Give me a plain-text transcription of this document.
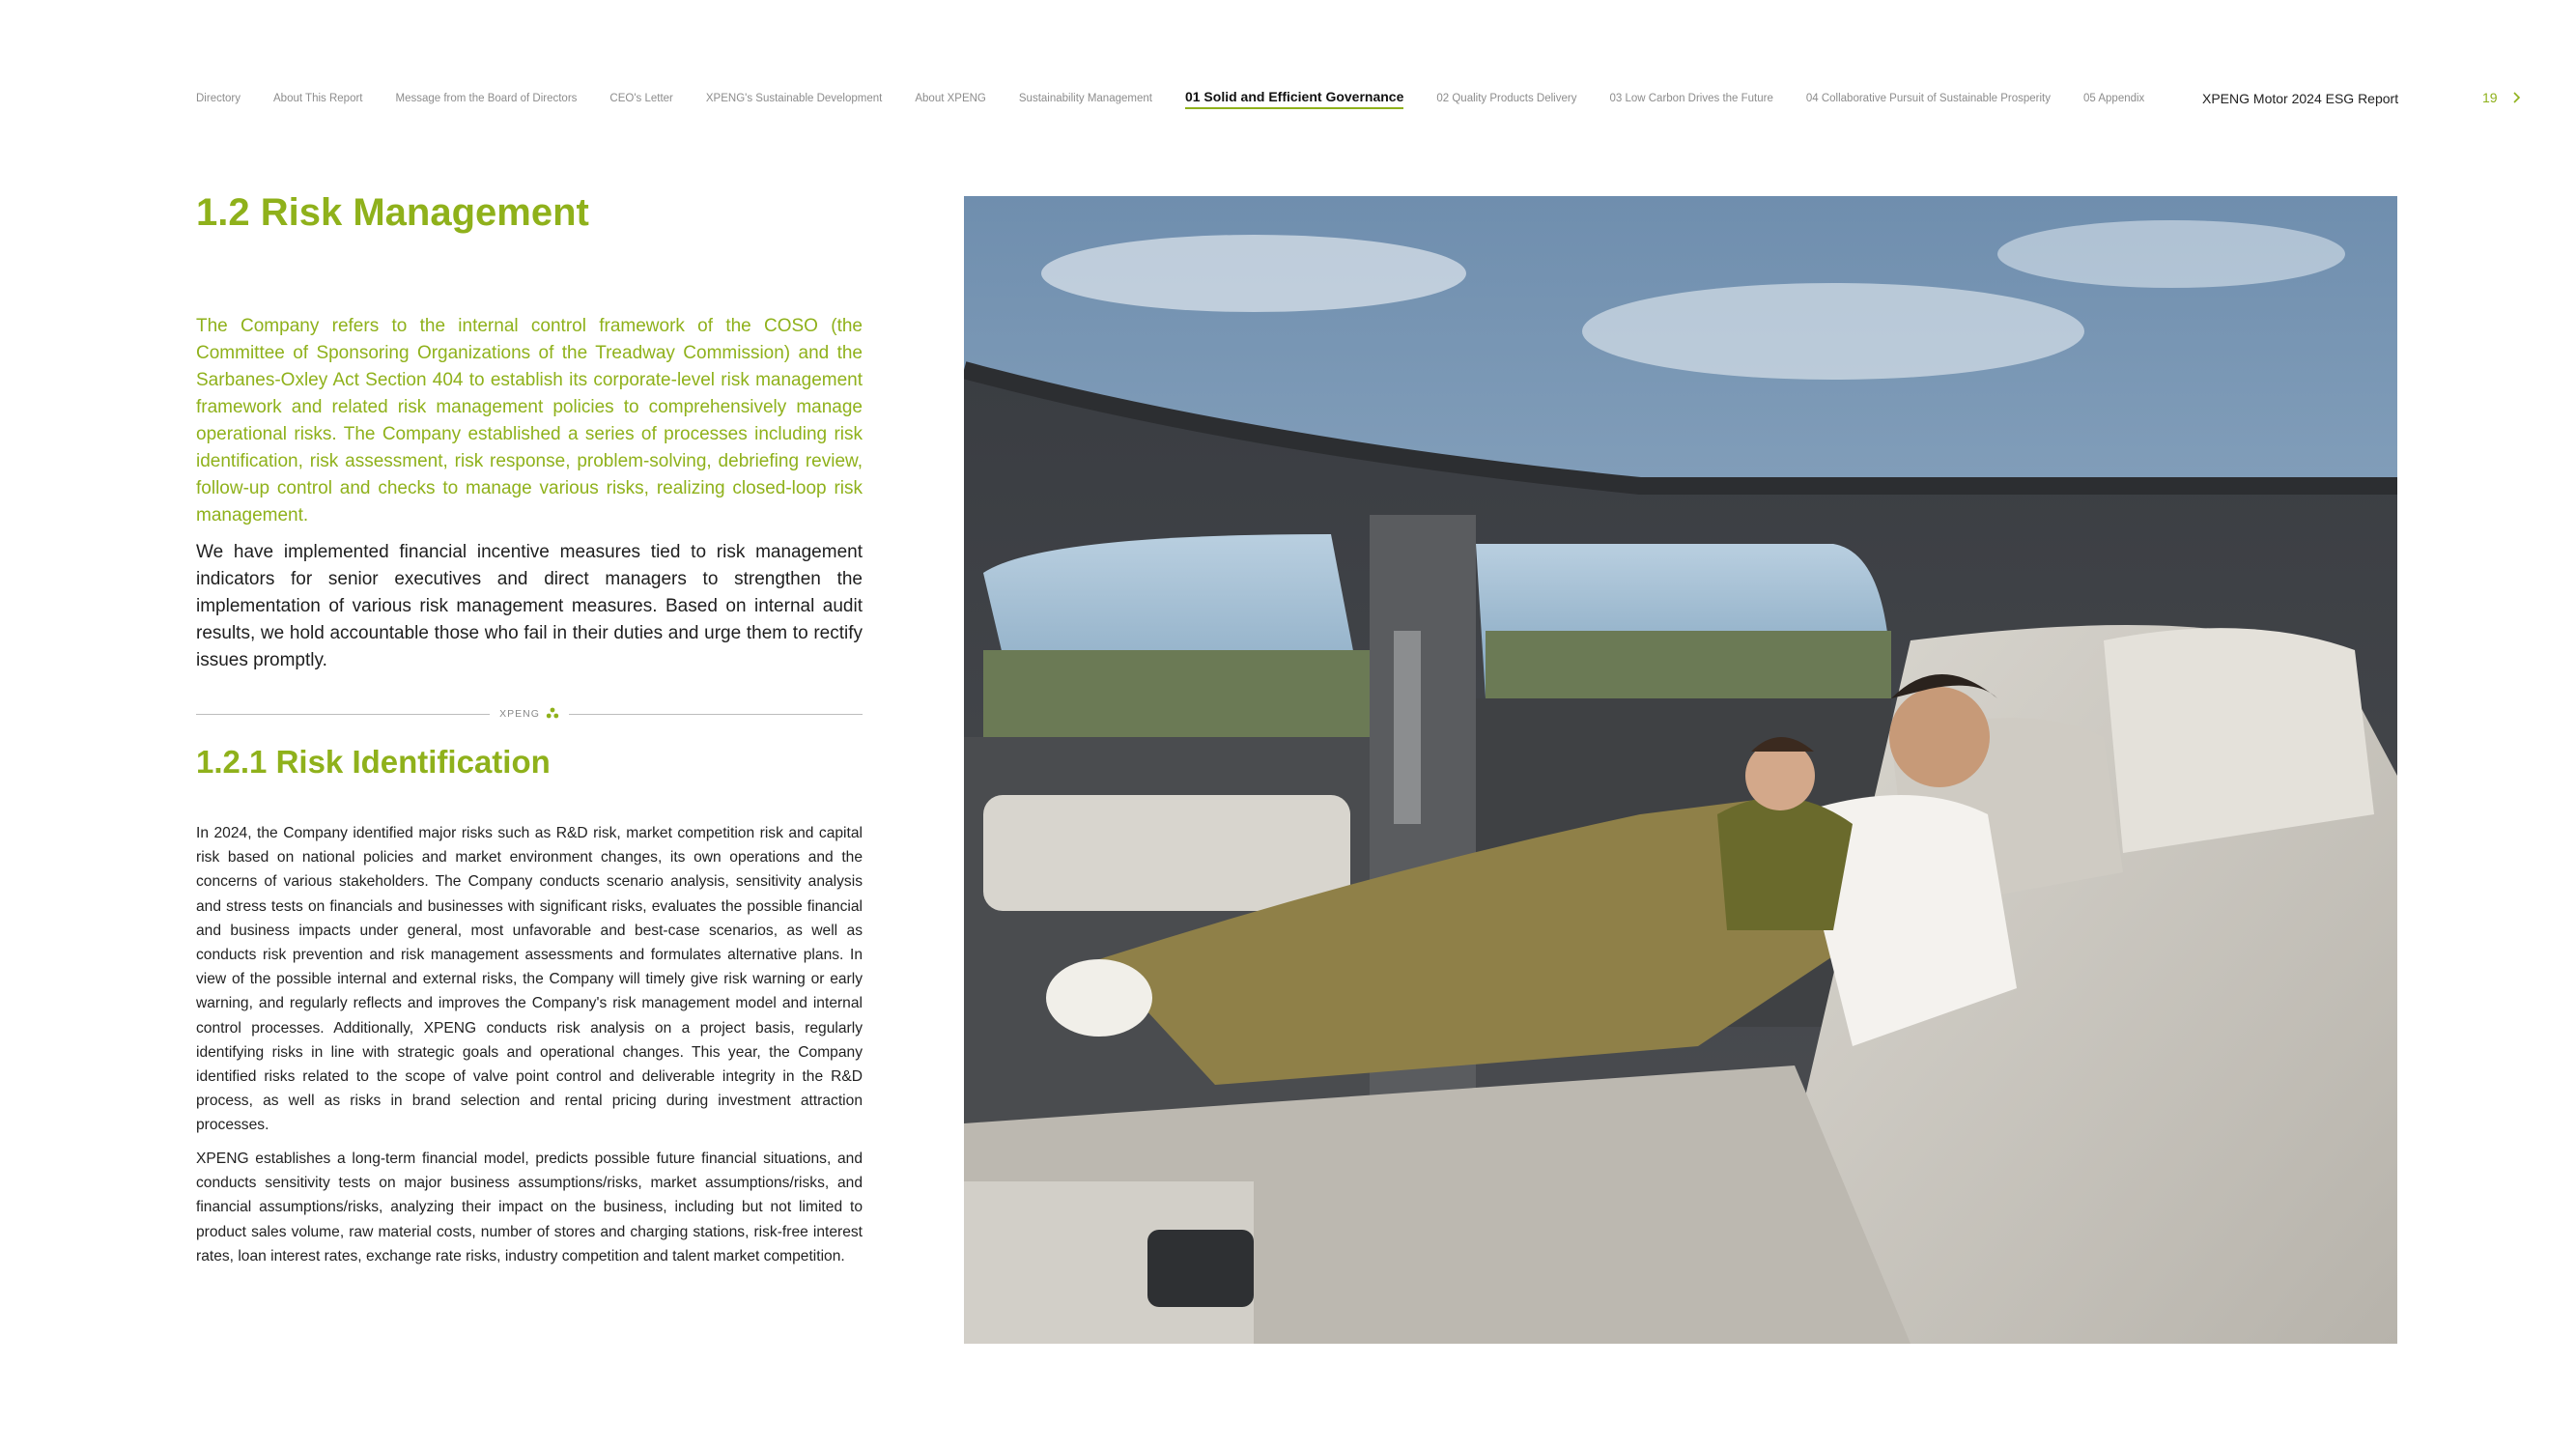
Directory	About This Report	Message from the Board of Directors	CEO's Letter	XPENG's Sustainable Development	About XPENG	Sustainability Management 01 Solid and Efficient Governance	02 Quality Products Delivery	03 Low Carbon Drives the Future	04 Collaborative Pursuit of Sustainable Prosperity	05 Appendix	XPENG Motor 2024 ESG Report	19
1.2 Risk Management

The Company refers to the internal control framework of the COSO (the Committee of Sponsoring Organizations of the Treadway Commission) and the Sarbanes-Oxley Act Section 404 to establish its corporate-level risk management framework and related risk management policies to comprehensively manage operational risks. The Company established a series of processes including risk identification, risk assessment, risk response, problem-solving, debriefing review, follow-up control and checks to manage various risks, realizing closed-loop risk management.

We have implemented financial incentive measures tied to risk management indicators for senior executives and direct managers to strengthen the implementation of various risk management measures. Based on internal audit results, we hold accountable those who fail in their duties and urge them to rectify issues promptly.

XPENG
1.2.1 Risk Identification

In 2024, the Company identified major risks such as R&D risk, market competition risk and capital risk based on national policies and market environment changes, its own operations and the concerns of various stakeholders. The Company conducts scenario analysis, sensitivity analysis and stress tests on financials and businesses with significant risks, evaluates the possible financial and business impacts under general, most unfavorable and best-case scenarios, as well as conducts risk prevention and risk management assessments and formulates alternative plans. In view of the possible internal and external risks, the Company will timely give risk warning or early warning, and regularly reflects and improves the Company's risk management model and internal control processes. Additionally, XPENG conducts risk analysis on a project basis, regularly identifying risks in line with strategic goals and operational changes. This year, the Company identified risks related to the scope of valve point control and deliverable integrity in the R&D process, as well as risks in brand selection and rental pricing during investment attraction processes.

XPENG establishes a long-term financial model, predicts possible future financial situations, and conducts sensitivity tests on major business assumptions/risks, market assumptions/risks, and financial assumptions/risks, analyzing their impact on the business, including but not limited to product sales volume, raw material costs, number of stores and charging stations, risk-free interest rates, loan interest rates, exchange rate risks, industry competition and talent market competition.
